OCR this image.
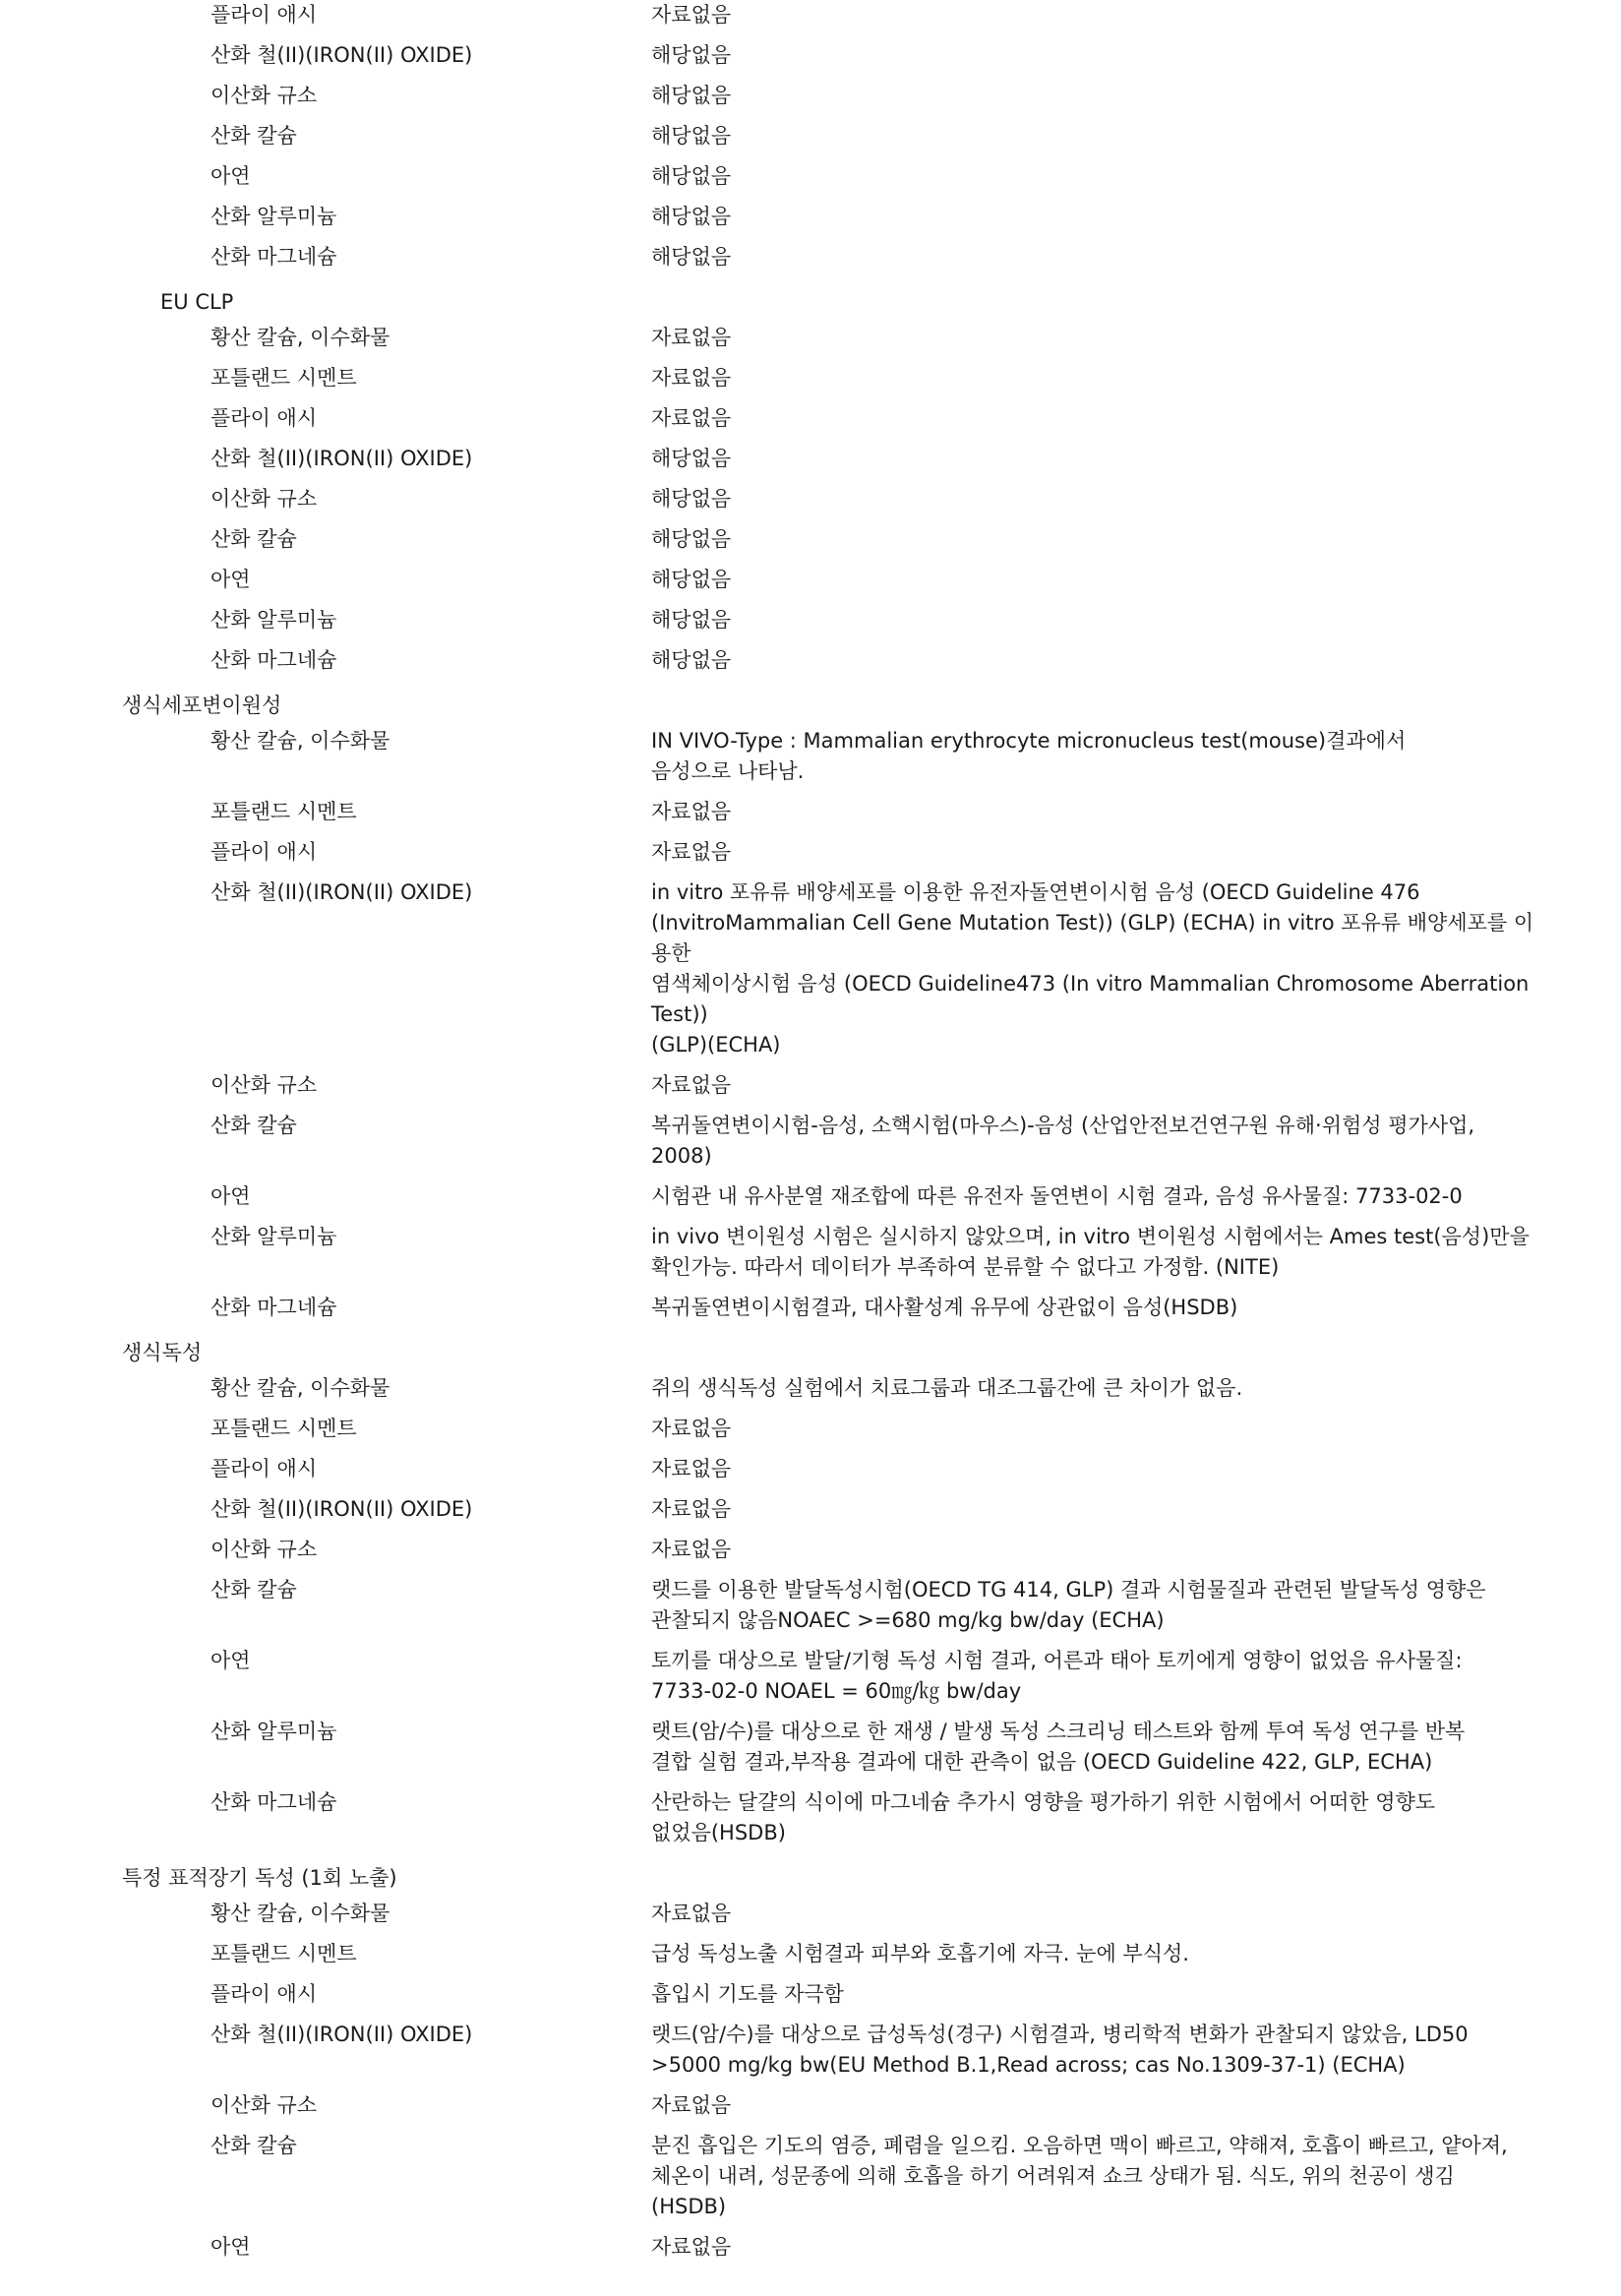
플라이 애시	자료없음
산화 철(II)(IRON(II) OXIDE)	해당없음
이산화 규소	해당없음
산화 칼슘	해당없음
아연	해당없음
산화 알루미늄	해당없음
산화 마그네슘	해당없음
EU CLP
황산 칼슘, 이수화물	자료없음
포틀랜드 시멘트	자료없음
플라이 애시	자료없음
산화 철(II)(IRON(II) OXIDE)	해당없음
이산화 규소	해당없음
산화 칼슘	해당없음
아연	해당없음
산화 알루미늄	해당없음
산화 마그네슘	해당없음
생식세포변이원성
황산 칼슘, 이수화물	IN VIVO-Type : Mammalian erythrocyte micronucleus test(mouse)결과에서
음성으로 나타남.
포틀랜드 시멘트	자료없음
플라이 애시	자료없음
산화 철(II)(IRON(II) OXIDE)	in vitro 포유류 배양세포를 이용한 유전자돌연변이시험 음성 (OECD Guideline 476
(InvitroMammalian Cell Gene Mutation Test)) (GLP) (ECHA) in vitro 포유류 배양세포를 이용한
염색체이상시험 음성 (OECD Guideline473 (In vitro Mammalian Chromosome Aberration Test))
(GLP)(ECHA)
이산화 규소	자료없음
산화 칼슘	복귀돌연변이시험-음성, 소핵시험(마우스)-음성 (산업안전보건연구원 유해·위험성 평가사업,
2008)
아연	시험관 내 유사분열 재조합에 따른 유전자 돌연변이 시험 결과, 음성 유사물질: 7733-02-0
산화 알루미늄	in vivo 변이원성 시험은 실시하지 않았으며, in vitro 변이원성 시험에서는 Ames test(음성)만을
확인가능. 따라서 데이터가 부족하여 분류할 수 없다고 가정함. (NITE)
산화 마그네슘	복귀돌연변이시험결과, 대사활성계 유무에 상관없이 음성(HSDB)
생식독성
황산 칼슘, 이수화물	쥐의 생식독성 실험에서 치료그룹과 대조그룹간에 큰 차이가 없음.
포틀랜드 시멘트	자료없음
플라이 애시	자료없음
산화 철(II)(IRON(II) OXIDE)	자료없음
이산화 규소	자료없음
산화 칼슘	랫드를 이용한 발달독성시험(OECD TG 414, GLP) 결과 시험물질과 관련된 발달독성 영향은
관찰되지 않음NOAEC >=680 mg/kg bw/day (ECHA)
아연	토끼를 대상으로 발달/기형 독성 시험 결과, 어른과 태아 토끼에게 영향이 없었음 유사물질:
7733-02-0 NOAEL = 60㎎/㎏ bw/day
산화 알루미늄	랫트(암/수)를 대상으로 한 재생 / 발생 독성 스크리닝 테스트와 함께 투여 독성 연구를 반복
결합 실험 결과,부작용 결과에 대한 관측이 없음 (OECD Guideline 422, GLP, ECHA)
산화 마그네슘	산란하는 달걀의 식이에 마그네슘 추가시 영향을 평가하기 위한 시험에서 어떠한 영향도
없었음(HSDB)
특정 표적장기 독성 (1회 노출)
황산 칼슘, 이수화물	자료없음
포틀랜드 시멘트	급성 독성노출 시험결과 피부와 호흡기에 자극. 눈에 부식성.
플라이 애시	흡입시 기도를 자극함
산화 철(II)(IRON(II) OXIDE)	랫드(암/수)를 대상으로 급성독성(경구) 시험결과, 병리학적 변화가 관찰되지 않았음, LD50
>5000 mg/kg bw(EU Method B.1,Read across; cas No.1309-37-1) (ECHA)
이산화 규소	자료없음
산화 칼슘	분진 흡입은 기도의 염증, 폐렴을 일으킴. 오음하면 맥이 빠르고, 약해져, 호흡이 빠르고, 얕아져,
체온이 내려, 성문종에 의해 호흡을 하기 어려워져 쇼크 상태가 됨. 식도, 위의 천공이 생김
(HSDB)
아연	자료없음
